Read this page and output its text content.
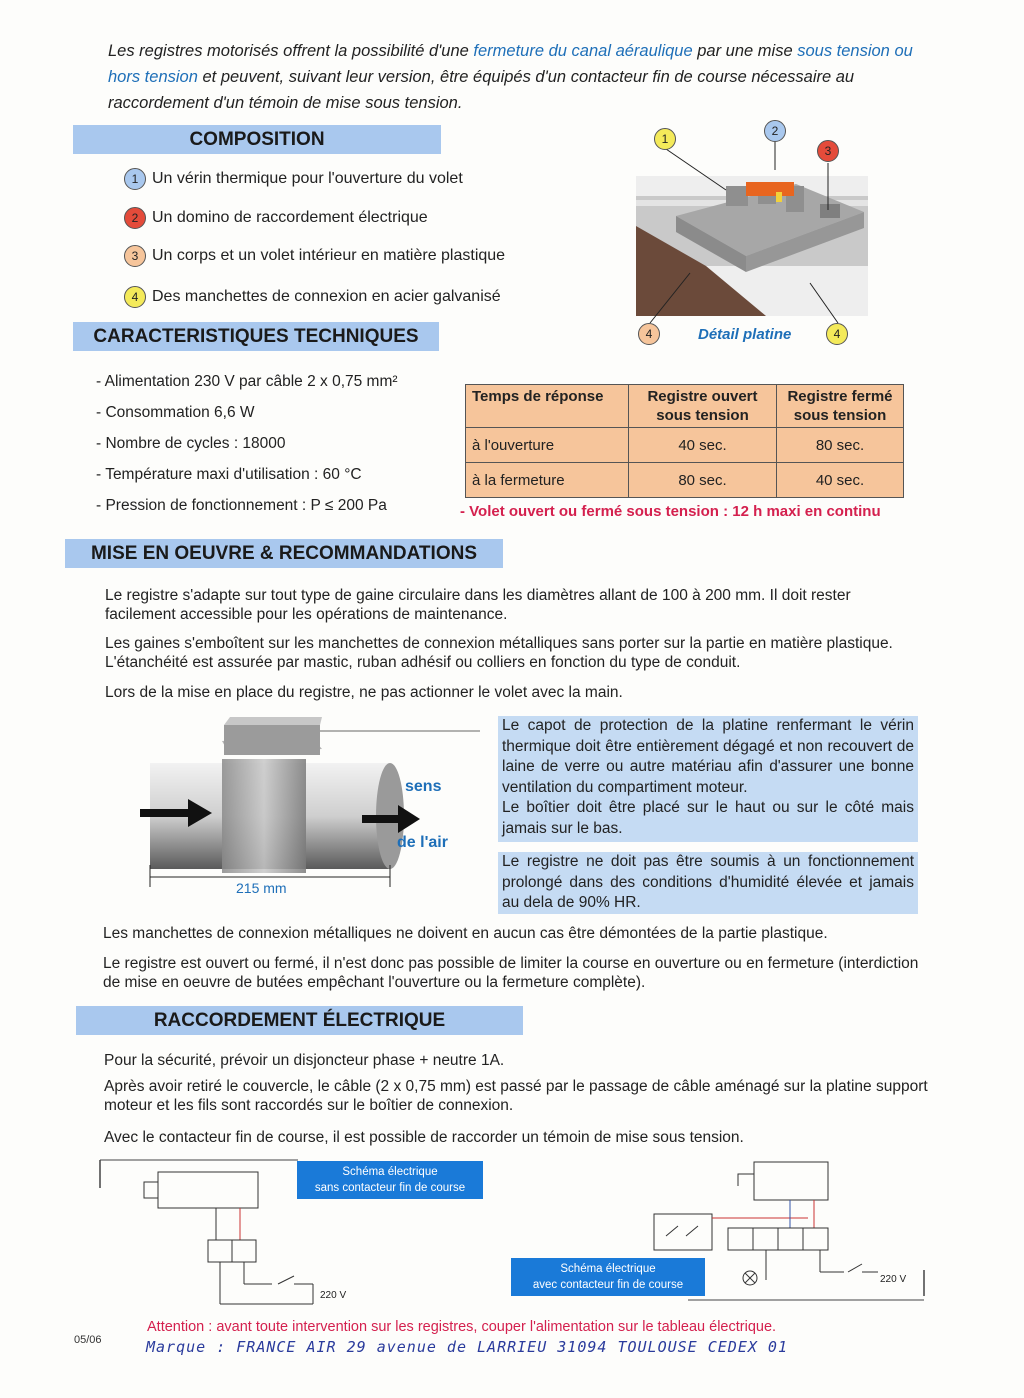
Les registres motorisés offrent la possibilité d'une fermeture du canal aéraulique par une mise sous tension ou hors tension et peuvent, suivant leur version, être équipés d'un contacteur fin de course nécessaire au raccordement d'un témoin de mise sous tension.
COMPOSITION
1 Un vérin thermique pour l'ouverture du volet
2 Un domino de raccordement électrique
3 Un corps et un volet intérieur en matière plastique
4 Des manchettes de connexion en acier galvanisé
1
2
3
4	4
Détail platine
CARACTERISTIQUES TECHNIQUES
- Alimentation 230 V par câble 2 x 0,75 mm²
- Consommation 6,6 W
- Nombre de cycles : 18000
- Température maxi d'utilisation : 60 °C
- Pression de fonctionnement : P ≤ 200 Pa
Temps de réponse	Registre ouvert sous tension	Registre fermé sous tension
à l'ouverture	40 sec.	80 sec.
à la fermeture	80 sec.	40 sec.
- Volet ouvert ou fermé sous tension : 12 h maxi en continu
MISE EN OEUVRE & RECOMMANDATIONS
Le registre s'adapte sur tout type de gaine circulaire dans les diamètres allant de 100 à 200 mm. Il doit rester facilement accessible pour les opérations de maintenance.
Les gaines s'emboîtent sur les manchettes de connexion métalliques sans porter sur la partie en matière plastique. L'étanchéité est assurée par mastic, ruban adhésif ou colliers en fonction du type de conduit.
Lors de la mise en place du registre, ne pas actionner le volet avec la main.
sens
de l'air
215 mm
Le capot de protection de la platine renfermant le vérin thermique doit être entièrement dégagé et non recouvert de laine de verre ou autre matériau afin d'assurer une bonne ventilation du compartiment moteur.
Le boîtier doit être placé sur le haut ou sur le côté mais jamais sur le bas.
Le registre ne doit pas être soumis à un fonctionnement prolongé dans des conditions d'humidité élevée et jamais au dela de 90% HR.
Les manchettes de connexion métalliques ne doivent en aucun cas être démontées de la partie plastique.
Le registre est ouvert ou fermé, il n'est donc pas possible de limiter la course en ouverture ou en fermeture (interdiction de mise en oeuvre de butées empêchant l'ouverture ou la fermeture complète).
RACCORDEMENT ÉLECTRIQUE
Pour la sécurité, prévoir un disjoncteur phase + neutre 1A.
Après avoir retiré le couvercle, le câble (2 x 0,75 mm) est passé par le passage de câble aménagé sur la platine support moteur et les fils sont raccordés sur le boîtier de connexion.
Avec le contacteur fin de course, il est possible de raccorder un témoin de mise sous tension.
Schéma électrique
sans contacteur fin de course
220 V
Schéma électrique
avec contacteur fin de course	220 V
05/06
Attention : avant toute intervention sur les registres, couper l'alimentation sur le tableau électrique.
Marque : FRANCE AIR 29 avenue de LARRIEU 31094 TOULOUSE CEDEX 01
